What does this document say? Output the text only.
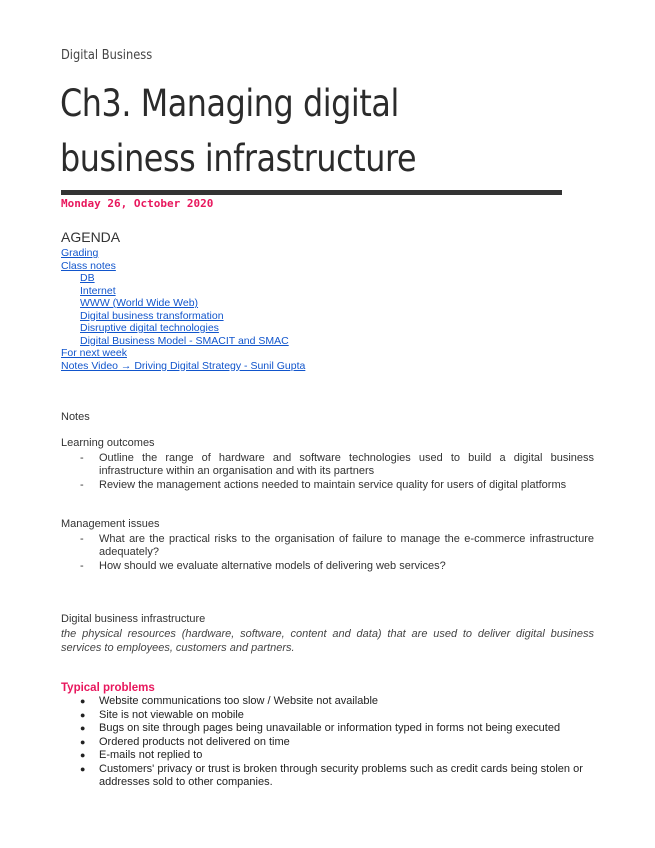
Digital Business
Ch3. Managing digital business infrastructure
Monday 26, October 2020
AGENDA
Grading
Class notes
DB
Internet
WWW (World Wide Web)
Digital business transformation
Disruptive digital technologies
Digital Business Model - SMACIT and SMAC
For next week
Notes Video → Driving Digital Strategy - Sunil Gupta
Notes
Learning outcomes
- Outline the range of hardware and software technologies used to build a digital business infrastructure within an organisation and with its partners
- Review the management actions needed to maintain service quality for users of digital platforms
Management issues
- What are the practical risks to the organisation of failure to manage the e-commerce infrastructure adequately?
- How should we evaluate alternative models of delivering web services?
Digital business infrastructure
the physical resources (hardware, software, content and data) that are used to deliver digital business services to employees, customers and partners.
Typical problems
● Website communications too slow / Website not available
● Site is not viewable on mobile
● Bugs on site through pages being unavailable or information typed in forms not being executed
● Ordered products not delivered on time
● E-mails not replied to
● Customers' privacy or trust is broken through security problems such as credit cards being stolen or addresses sold to other companies.
